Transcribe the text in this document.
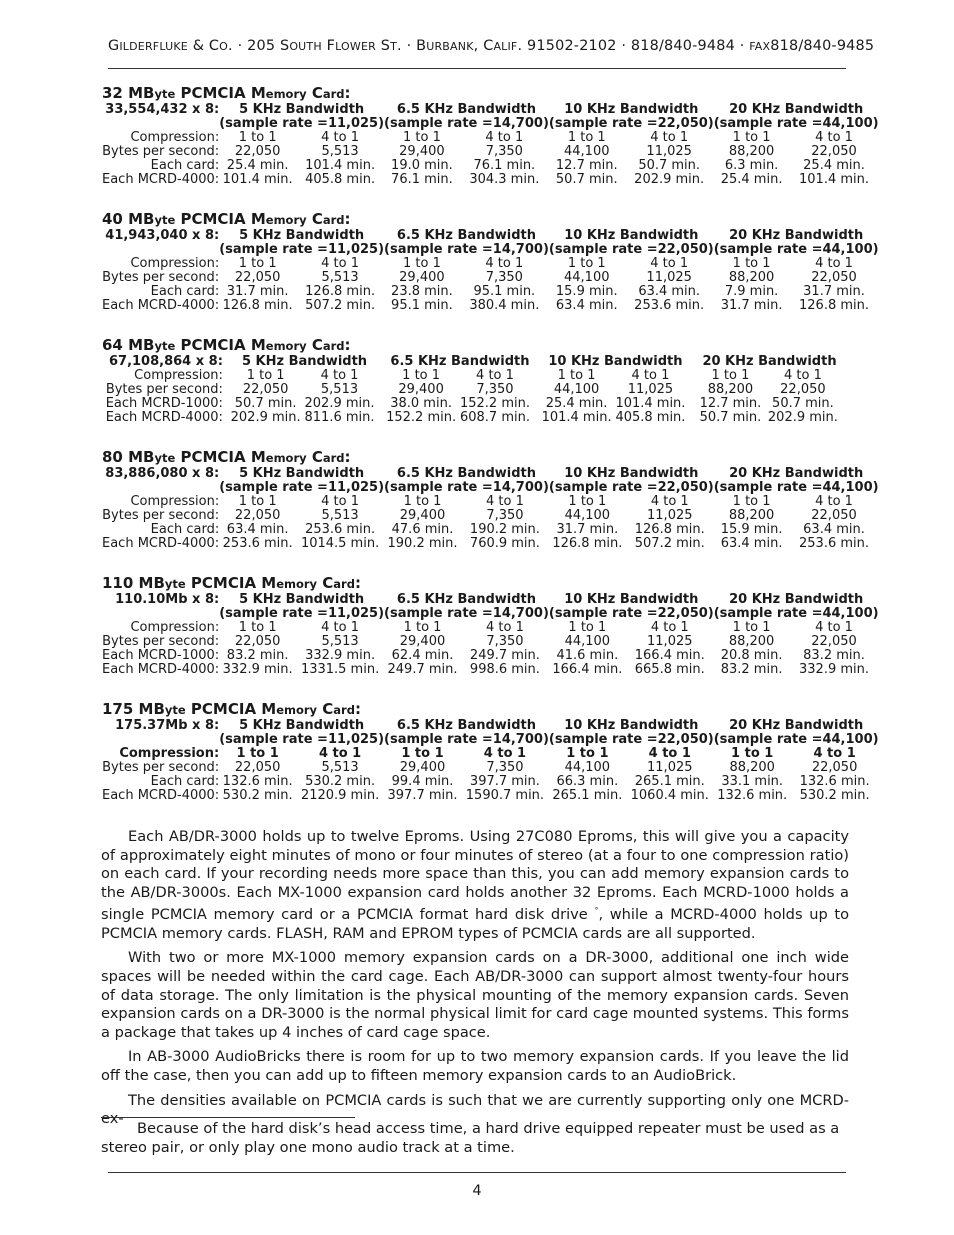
GILDERFLUKE & CO. · 205 SOUTH FLOWER ST. · BURBANK, CALIF. 91502-2102 · 818/840-9484 · FAX818/840-9485
32 MByte PCMCIA Memory Card:
33,554,432 x 8:		5 KHz Bandwidth		6.5 KHz Bandwidth		10 KHz Bandwidth		20 KHz Bandwidth	
		(sample rate =11,025)		(sample rate =14,700)		(sample rate =22,050)		(sample rate =44,100)	
Compression:		1 to 1	4 to 1		1 to 1	4 to 1		1 to 1	4 to 1		1 to 1	4 to 1
Bytes per second:		22,050	5,513		29,400	7,350		44,100	11,025		88,200	22,050
Each card:		25.4 min.	101.4 min.		19.0 min.	76.1 min.		12.7 min.	50.7 min.		6.3 min.	25.4 min.
Each MCRD-4000:		101.4 min.	405.8 min.		76.1 min.	304.3 min.		50.7 min.	202.9 min.		25.4 min.	101.4 min.
40 MByte PCMCIA Memory Card:
41,943,040 x 8:		5 KHz Bandwidth		6.5 KHz Bandwidth		10 KHz Bandwidth		20 KHz Bandwidth	
		(sample rate =11,025)		(sample rate =14,700)		(sample rate =22,050)		(sample rate =44,100)	
Compression:		1 to 1	4 to 1		1 to 1	4 to 1		1 to 1	4 to 1		1 to 1	4 to 1
Bytes per second:		22,050	5,513		29,400	7,350		44,100	11,025		88,200	22,050
Each card:		31.7 min.	126.8 min.		23.8 min.	95.1 min.		15.9 min.	63.4 min.		7.9 min.	31.7 min.
Each MCRD-4000:		126.8 min.	507.2 min.		95.1 min.	380.4 min.		63.4 min.	253.6 min.		31.7 min.	126.8 min.
64 MByte PCMCIA Memory Card:
67,108,864 x 8:		5 KHz Bandwidth			6.5 KHz Bandwidth			10 KHz Bandwidth			20 KHz Bandwidth	
Compression:		1 to 1	4 to 1		1 to 1	4 to 1		1 to 1	4 to 1		1 to 1	4 to 1
Bytes per second:		22,050	5,513		29,400	7,350		44,100	11,025		88,200	22,050
Each MCRD-1000:		50.7 min.	202.9 min.		38.0 min.	152.2 min.		25.4 min.	101.4 min.		12.7 min.	50.7 min.
Each MCRD-4000:		202.9 min.	811.6 min.		152.2 min.	608.7 min.		101.4 min.	405.8 min.		50.7 min.	202.9 min.
80 MByte PCMCIA Memory Card:
83,886,080 x 8:		5 KHz Bandwidth		6.5 KHz Bandwidth		10 KHz Bandwidth		20 KHz Bandwidth	
		(sample rate =11,025)		(sample rate =14,700)		(sample rate =22,050)		(sample rate =44,100)	
Compression:		1 to 1	4 to 1		1 to 1	4 to 1		1 to 1	4 to 1		1 to 1	4 to 1
Bytes per second:		22,050	5,513		29,400	7,350		44,100	11,025		88,200	22,050
Each card:		63.4 min.	253.6 min.		47.6 min.	190.2 min.		31.7 min.	126.8 min.		15.9 min.	63.4 min.
Each MCRD-4000:		253.6 min.	1014.5 min.		190.2 min.	760.9 min.		126.8 min.	507.2 min.		63.4 min.	253.6 min.
110 MByte PCMCIA Memory Card:
110.10Mb x 8:		5 KHz Bandwidth		6.5 KHz Bandwidth		10 KHz Bandwidth		20 KHz Bandwidth	
		(sample rate =11,025)		(sample rate =14,700)		(sample rate =22,050)		(sample rate =44,100)	
Compression:		1 to 1	4 to 1		1 to 1	4 to 1		1 to 1	4 to 1		1 to 1	4 to 1
Bytes per second:		22,050	5,513		29,400	7,350		44,100	11,025		88,200	22,050
Each MCRD-1000:		83.2 min.	332.9 min.		62.4 min.	249.7 min.		41.6 min.	166.4 min.		20.8 min.	83.2 min.
Each MCRD-4000:		332.9 min.	1331.5 min.		249.7 min.	998.6 min.		166.4 min.	665.8 min.		83.2 min.	332.9 min.
175 MByte PCMCIA Memory Card:
175.37Mb x 8:		5 KHz Bandwidth		6.5 KHz Bandwidth		10 KHz Bandwidth		20 KHz Bandwidth	
		(sample rate =11,025)		(sample rate =14,700)		(sample rate =22,050)		(sample rate =44,100)	
Compression:		1 to 1	4 to 1		1 to 1	4 to 1		1 to 1	4 to 1		1 to 1	4 to 1
Bytes per second:		22,050	5,513		29,400	7,350		44,100	11,025		88,200	22,050
Each card:		132.6 min.	530.2 min.		99.4 min.	397.7 min.		66.3 min.	265.1 min.		33.1 min.	132.6 min.
Each MCRD-4000:		530.2 min.	2120.9 min.		397.7 min.	1590.7 min.		265.1 min.	1060.4 min.		132.6 min.	530.2 min.

Each AB/DR-3000 holds up to twelve Eproms. Using 27C080 Eproms, this will give you a capacity of approximately eight minutes of mono or four minutes of stereo (at a four to one compression ratio) on each card. If your recording needs more space than this, you can add memory expansion cards to the AB/DR-3000s. Each MX-1000 expansion card holds another 32 Eproms. Each MCRD-1000 holds a single PCMCIA memory card or a PCMCIA format hard disk drive °, while a MCRD-4000 holds up to PCMCIA memory cards. FLASH, RAM and EPROM types of PCMCIA cards are all supported.

With two or more MX-1000 memory expansion cards on a DR-3000, additional one inch wide spaces will be needed within the card cage. Each AB/DR-3000 can support almost twenty-four hours of data storage. The only limitation is the physical mounting of the memory expansion cards. Seven expansion cards on a DR-3000 is the normal physical limit for card cage mounted systems. This forms a package that takes up 4 inches of card cage space.

In AB-3000 AudioBricks there is room for up to two memory expansion cards. If you leave the lid off the case, then you can add up to fifteen memory expansion cards to an AudioBrick.

The densities available on PCMCIA cards is such that we are currently supporting only one MCRD- ex-

Because of the hard disk’s head access time, a hard drive equipped repeater must be used as a stereo pair, or only play one mono audio track at a time.
4
